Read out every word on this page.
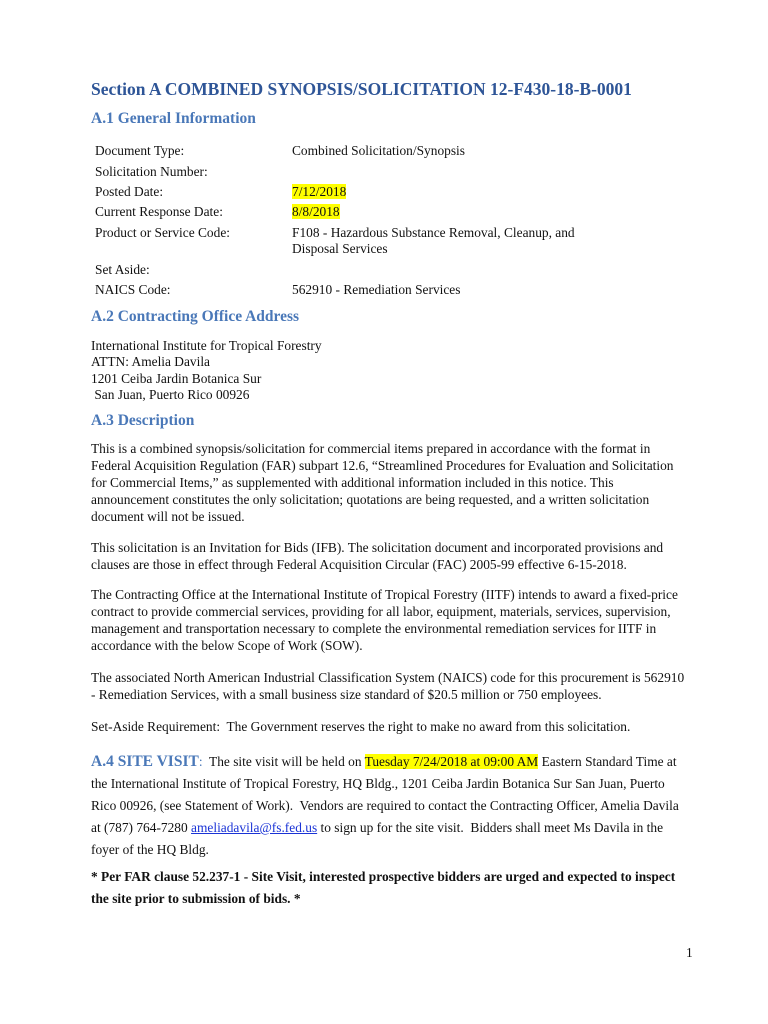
Section A COMBINED SYNOPSIS/SOLICITATION 12-F430-18-B-0001
A.1 General Information
Document Type:	Combined Solicitation/Synopsis
Solicitation Number:
Posted Date:	7/12/2018
Current Response Date:	8/8/2018
Product or Service Code:	F108 - Hazardous Substance Removal, Cleanup, and
Disposal Services
Set Aside:
NAICS Code:	562910 - Remediation Services
A.2 Contracting Office Address
International Institute for Tropical Forestry
ATTN: Amelia Davila
1201 Ceiba Jardin Botanica Sur
San Juan, Puerto Rico 00926
A.3 Description
This is a combined synopsis/solicitation for commercial items prepared in accordance with the format in Federal Acquisition Regulation (FAR) subpart 12.6, “Streamlined Procedures for Evaluation and Solicitation for Commercial Items,” as supplemented with additional information included in this notice. This announcement constitutes the only solicitation; quotations are being requested, and a written solicitation document will not be issued.
This solicitation is an Invitation for Bids (IFB). The solicitation document and incorporated provisions and clauses are those in effect through Federal Acquisition Circular (FAC) 2005-99 effective 6-15-2018.
The Contracting Office at the International Institute of Tropical Forestry (IITF) intends to award a fixed-price contract to provide commercial services, providing for all labor, equipment, materials, services, supervision, management and transportation necessary to complete the environmental remediation services for IITF in accordance with the below Scope of Work (SOW).
The associated North American Industrial Classification System (NAICS) code for this procurement is 562910 - Remediation Services, with a small business size standard of $20.5 million or 750 employees.
Set-Aside Requirement:  The Government reserves the right to make no award from this solicitation.
A.4 SITE VISIT:  The site visit will be held on Tuesday 7/24/2018 at 09:00 AM Eastern Standard Time at the International Institute of Tropical Forestry, HQ Bldg., 1201 Ceiba Jardin Botanica Sur San Juan, Puerto Rico 00926, (see Statement of Work).  Vendors are required to contact the Contracting Officer, Amelia Davila at (787) 764-7280 ameliadavila@fs.fed.us to sign up for the site visit.  Bidders shall meet Ms Davila in the foyer of the HQ Bldg.
* Per FAR clause 52.237-1 - Site Visit, interested prospective bidders are urged and expected to inspect the site prior to submission of bids. *
1
